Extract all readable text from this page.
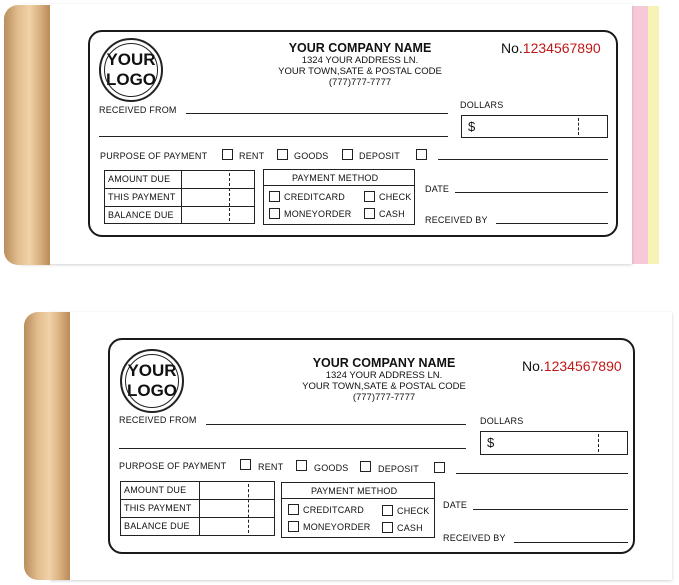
YOUR
LOGO
YOUR COMPANY NAME
1324 YOUR ADDRESS LN.
YOUR TOWN,SATE & POSTAL CODE
(777)777-7777
No.1234567890
RECEIVED FROM	DOLLARS
$
PURPOSE OF PAYMENT	RENT	GOODS	DEPOSIT
AMOUNT DUE
THIS PAYMENT
BALANCE DUE
PAYMENT METHOD
CREDITCARD	CHECK
MONEYORDER	CASH
DATE
RECEIVED BY
YOUR
LOGO
YOUR COMPANY NAME
1324 YOUR ADDRESS LN.
YOUR TOWN,SATE & POSTAL CODE
(777)777-7777
No.1234567890
RECEIVED FROM	DOLLARS
$
PURPOSE OF PAYMENT	RENT	GOODS	DEPOSIT
AMOUNT DUE
THIS PAYMENT
BALANCE DUE
PAYMENT METHOD
CREDITCARD	CHECK
MONEYORDER	CASH
DATE
RECEIVED BY
